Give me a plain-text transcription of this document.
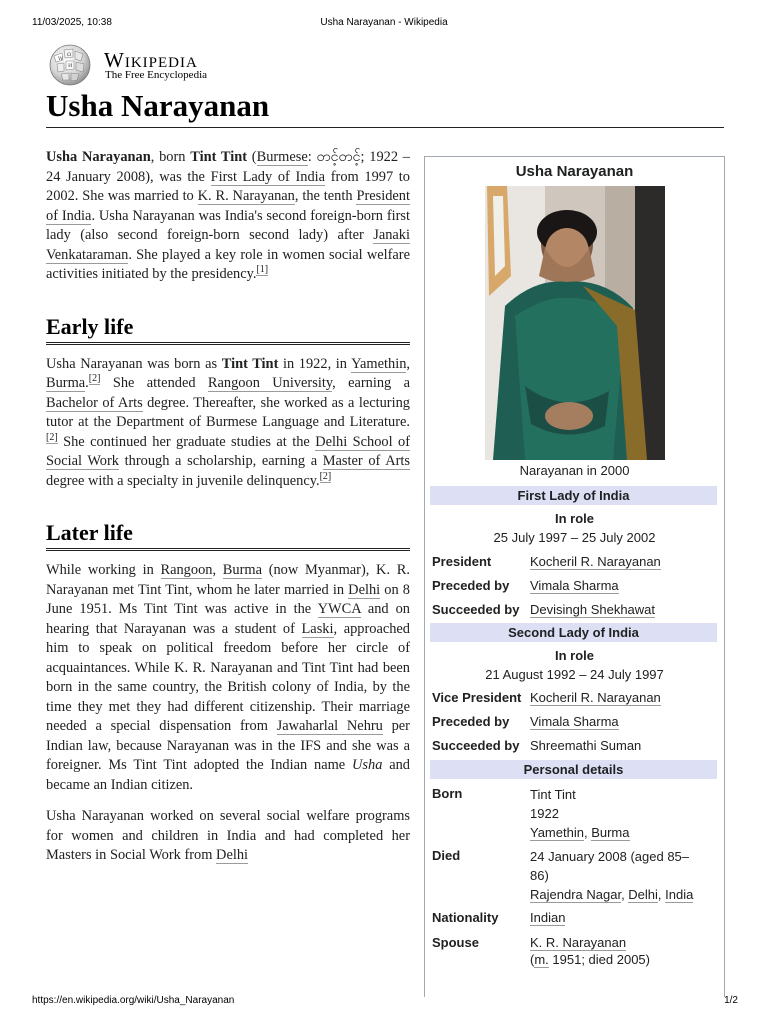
11/03/2025, 10:38	Usha Narayanan - Wikipedia
W
Ω
И Wikipedia
The Free Encyclopedia
Usha Narayanan

Usha Narayanan, born Tint Tint (Burmese: တင့်တင့်; 1922 – 24 January 2008), was the First Lady of India from 1997 to 2002. She was married to K. R. Narayanan, the tenth President of India. Usha Narayanan was India's second foreign-born first lady (also second foreign-born second lady) after Janaki Venkataraman. She played a key role in women social welfare activities initiated by the presidency.[1]

Early life

Usha Narayanan was born as Tint Tint in 1922, in Yamethin, Burma.[2] She attended Rangoon University, earning a Bachelor of Arts degree. Thereafter, she worked as a lecturing tutor at the Department of Burmese Language and Literature.[2] She continued her graduate studies at the Delhi School of Social Work through a scholarship, earning a Master of Arts degree with a specialty in juvenile delinquency.[2]

Later life

While working in Rangoon, Burma (now Myanmar), K. R. Narayanan met Tint Tint, whom he later married in Delhi on 8 June 1951. Ms Tint Tint was active in the YWCA and on hearing that Narayanan was a student of Laski, approached him to speak on political freedom before her circle of acquaintances. While K. R. Narayanan and Tint Tint had been born in the same country, the British colony of India, by the time they met they had different citizenship. Their marriage needed a special dispensation from Jawaharlal Nehru per Indian law, because Narayanan was in the IFS and she was a foreigner. Ms Tint Tint adopted the Indian name Usha and became an Indian citizen.

Usha Narayanan worked on several social welfare programs for women and children in India and had completed her Masters in Social Work from Delhi

Usha Narayanan
Narayanan in 2000
First Lady of India
In role
25 July 1997 – 25 July 2002
President	Kocheril R. Narayanan
Preceded by Vimala Sharma
Succeeded by Devisingh Shekhawat
Second Lady of India
In role
21 August 1992 – 24 July 1997
Vice President Kocheril R. Narayanan
Preceded by Vimala Sharma
Succeeded by Shreemathi Suman
Personal details
Born	Tint Tint
1922
Yamethin, Burma
Died	24 January 2008 (aged 85–86)
Rajendra Nagar, Delhi, India
Nationality Indian
Spouse	K. R. Narayanan
(m. 1951; died 2005)
https://en.wikipedia.org/wiki/Usha_Narayanan	1/2
